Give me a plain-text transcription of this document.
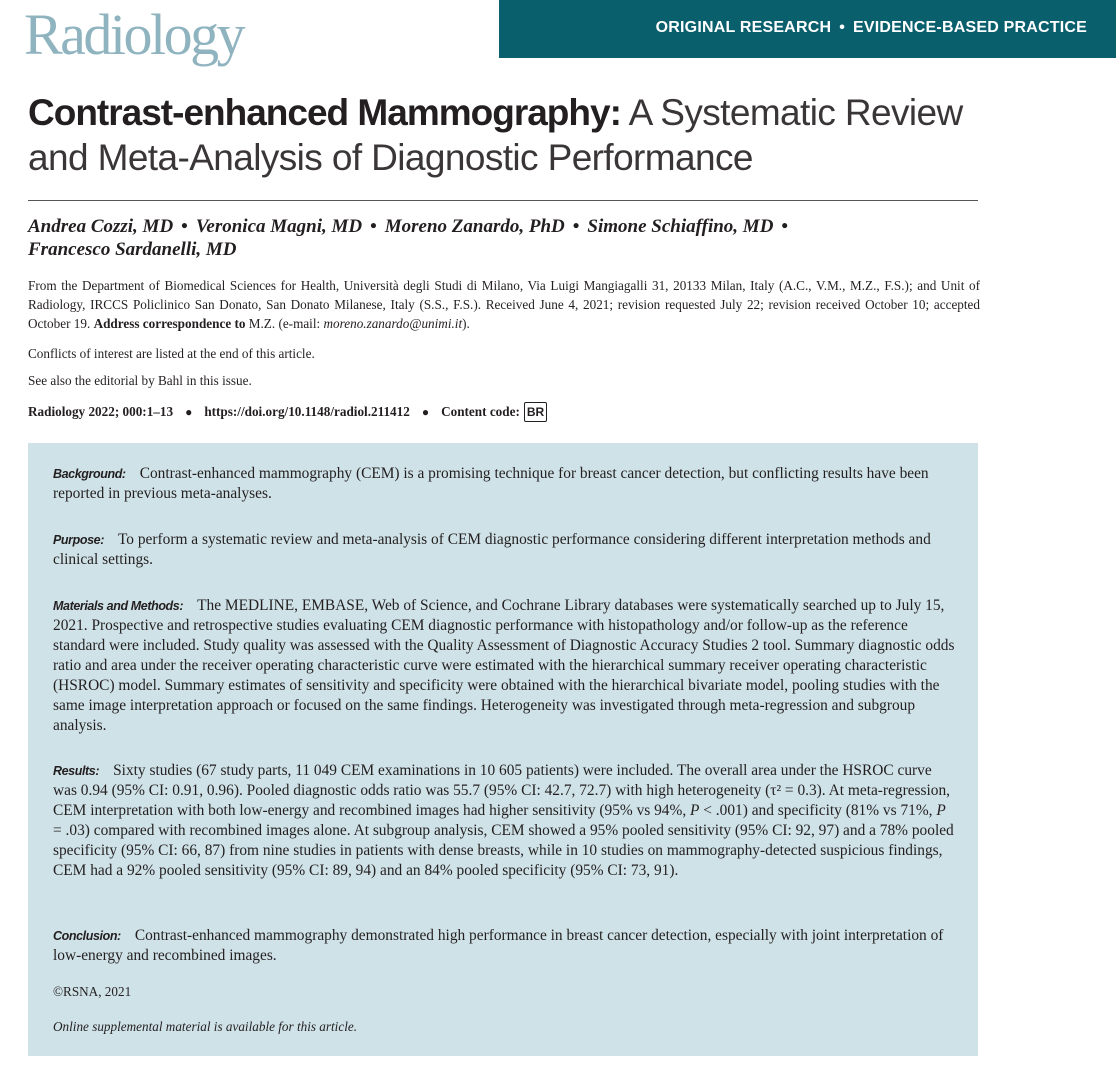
Radiology	ORIGINAL RESEARCH • EVIDENCE-BASED PRACTICE
Contrast-enhanced Mammography: A Systematic Review and Meta-Analysis of Diagnostic Performance
Andrea Cozzi, MD • Veronica Magni, MD • Moreno Zanardo, PhD • Simone Schiaffino, MD •
Francesco Sardanelli, MD
From the Department of Biomedical Sciences for Health, Università degli Studi di Milano, Via Luigi Mangiagalli 31, 20133 Milan, Italy (A.C., V.M., M.Z., F.S.); and Unit of Radiology, IRCCS Policlinico San Donato, San Donato Milanese, Italy (S.S., F.S.). Received June 4, 2021; revision requested July 22; revision received October 10; accepted October 19. Address correspondence to M.Z. (e-mail: moreno.zanardo@unimi.it).
Conflicts of interest are listed at the end of this article.
See also the editorial by Bahl in this issue.
Radiology 2022; 000:1–13 ● https://doi.org/10.1148/radiol.211412 ● Content code: BR
Background: Contrast-enhanced mammography (CEM) is a promising technique for breast cancer detection, but conflicting results have been reported in previous meta-analyses.
Purpose: To perform a systematic review and meta-analysis of CEM diagnostic performance considering different interpretation methods and clinical settings.
Materials and Methods: The MEDLINE, EMBASE, Web of Science, and Cochrane Library databases were systematically searched up to July 15, 2021. Prospective and retrospective studies evaluating CEM diagnostic performance with histopathology and/or follow-up as the reference standard were included. Study quality was assessed with the Quality Assessment of Diagnostic Accuracy Studies 2 tool. Summary diagnostic odds ratio and area under the receiver operating characteristic curve were estimated with the hierarchical summary receiver operating characteristic (HSROC) model. Summary estimates of sensitivity and specificity were obtained with the hierarchical bivariate model, pooling studies with the same image interpretation approach or focused on the same findings. Heterogeneity was investigated through meta-regression and subgroup analysis.
Results: Sixty studies (67 study parts, 11 049 CEM examinations in 10 605 patients) were included. The overall area under the HSROC curve was 0.94 (95% CI: 0.91, 0.96). Pooled diagnostic odds ratio was 55.7 (95% CI: 42.7, 72.7) with high heterogeneity (τ² = 0.3). At meta-regression, CEM interpretation with both low-energy and recombined images had higher sensitivity (95% vs 94%, P < .001) and specificity (81% vs 71%, P = .03) compared with recombined images alone. At subgroup analysis, CEM showed a 95% pooled sensitivity (95% CI: 92, 97) and a 78% pooled specificity (95% CI: 66, 87) from nine studies in patients with dense breasts, while in 10 studies on mammography-detected suspicious findings, CEM had a 92% pooled sensitivity (95% CI: 89, 94) and an 84% pooled specificity (95% CI: 73, 91).
Conclusion: Contrast-enhanced mammography demonstrated high performance in breast cancer detection, especially with joint interpretation of low-energy and recombined images.
©RSNA, 2021
Online supplemental material is available for this article.
